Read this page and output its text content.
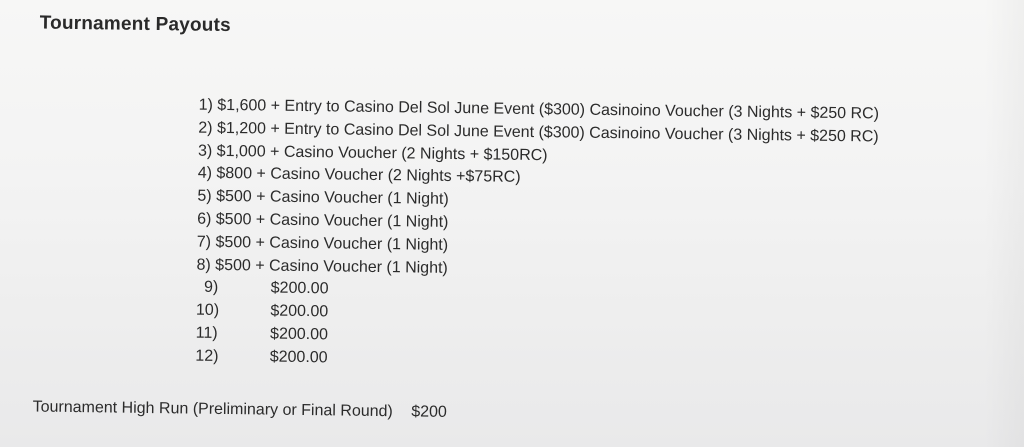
Tournament Payouts
1) $1,600 + Entry to Casino Del Sol June Event ($300) Casinoino Voucher (3 Nights + $250 RC)
2) $1,200 + Entry to Casino Del Sol June Event ($300) Casinoino Voucher (3 Nights + $250 RC)
3) $1,000 + Casino Voucher (2 Nights + $150RC)
4) $800 + Casino Voucher (2 Nights +$75RC)
5) $500 + Casino Voucher (1 Night)
6) $500 + Casino Voucher (1 Night)
7) $500 + Casino Voucher (1 Night)
8) $500 + Casino Voucher (1 Night)
9)	$200.00
10)	$200.00
11)	$200.00
12)	$200.00
Tournament High Run (Preliminary or Final Round) $200
